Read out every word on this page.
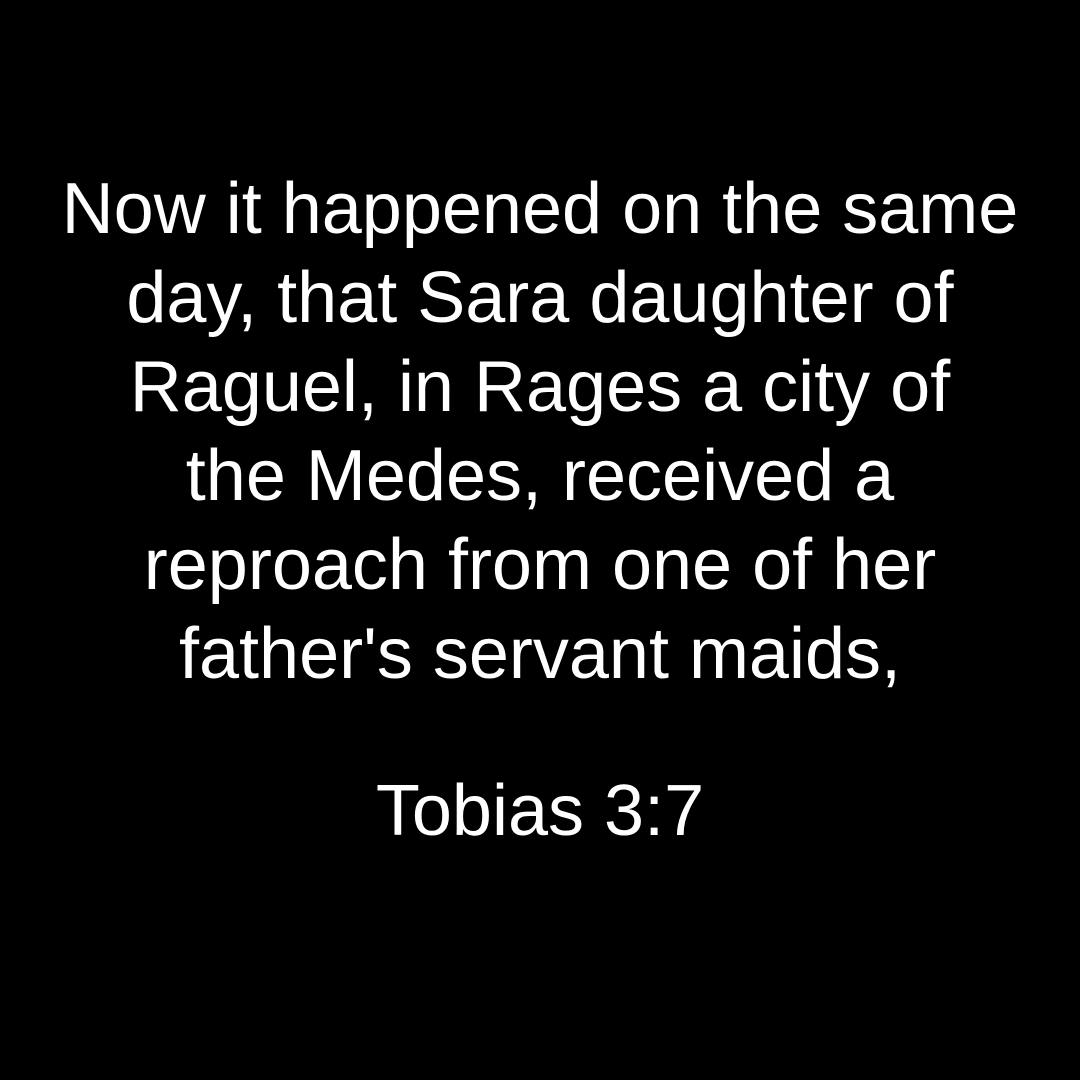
Now it happened on the same
day, that Sara daughter of
Raguel, in Rages a city of
the Medes, received a
reproach from one of her
father's servant maids,
Tobias 3:7
